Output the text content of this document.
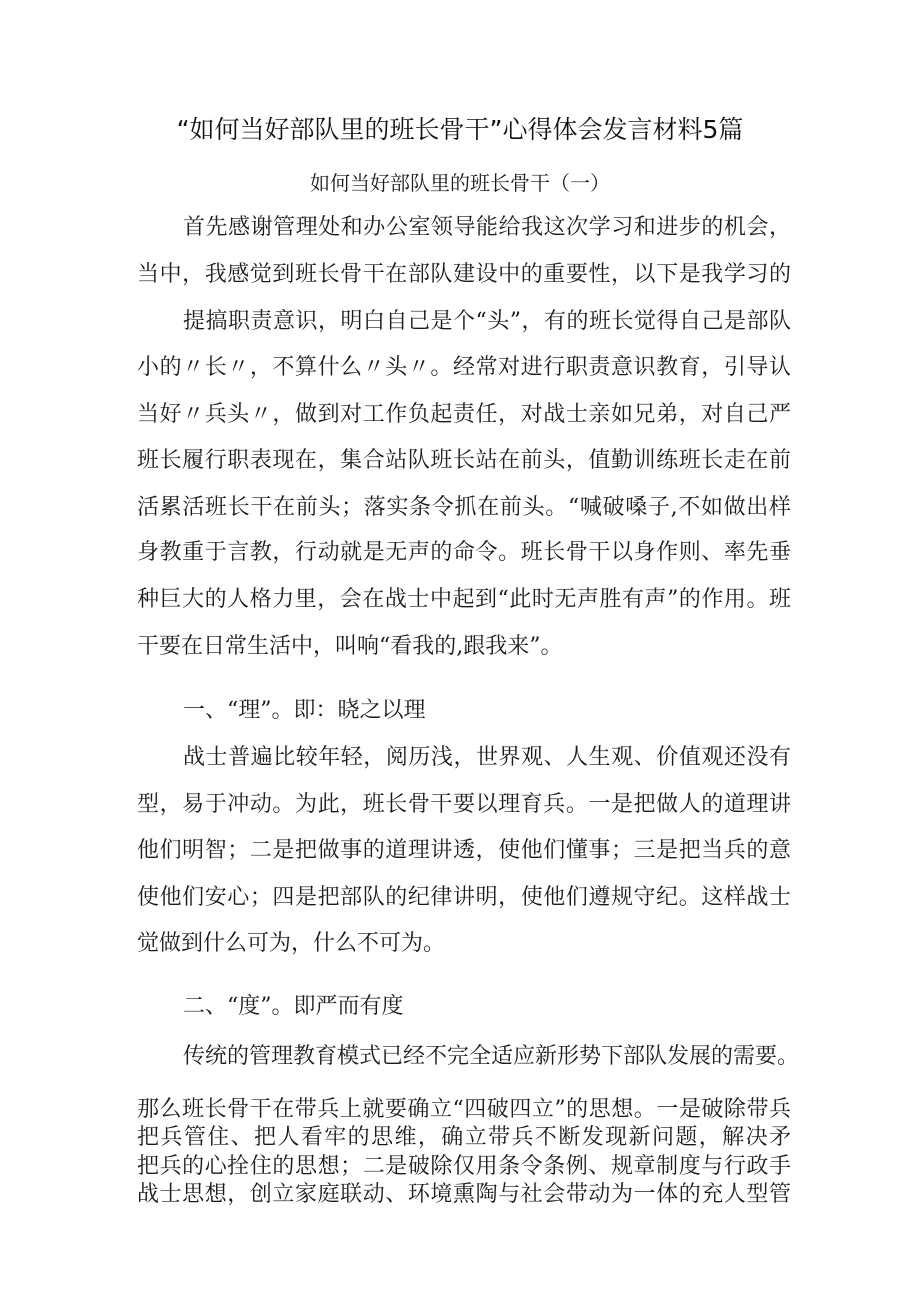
“如何当好部队里的班长骨干”心得体会发言材料5篇
如何当好部队里的班长骨干（一）
首先感谢管理处和办公室领导能给我这次学习和进步的机会，
当中，我感觉到班长骨干在部队建设中的重要性，以下是我学习的
提搞职责意识，明白自己是个“头”，有的班长觉得自己是部队
小的〃长〃，不算什么〃头〃。经常对进行职责意识教育，引导认
当好〃兵头〃，做到对工作负起责任，对战士亲如兄弟，对自己严
班长履行职表现在，集合站队班长站在前头，值勤训练班长走在前
活累活班长干在前头；落实条令抓在前头。“喊破嗓子,不如做出样
身教重于言教，行动就是无声的命令。班长骨干以身作则、率先垂
种巨大的人格力里，会在战士中起到“此时无声胜有声”的作用。班
干要在日常生活中，叫响“看我的,跟我来”。
一、“理”。即：晓之以理
战士普遍比较年轻，阅历浅，世界观、人生观、价值观还没有
型，易于冲动。为此，班长骨干要以理育兵。一是把做人的道理讲
他们明智；二是把做事的道理讲透，使他们懂事；三是把当兵的意
使他们安心；四是把部队的纪律讲明，使他们遵规守纪。这样战士
觉做到什么可为，什么不可为。
二、“度”。即严而有度
传统的管理教育模式已经不完全适应新形势下部队发展的需要。
那么班长骨干在带兵上就要确立“四破四立”的思想。一是破除带兵
把兵管住、把人看牢的思维，确立带兵不断发现新问题，解决矛
把兵的心拴住的思想；二是破除仅用条令条例、规章制度与行政手
战士思想，创立家庭联动、环境熏陶与社会带动为一体的充人型管
